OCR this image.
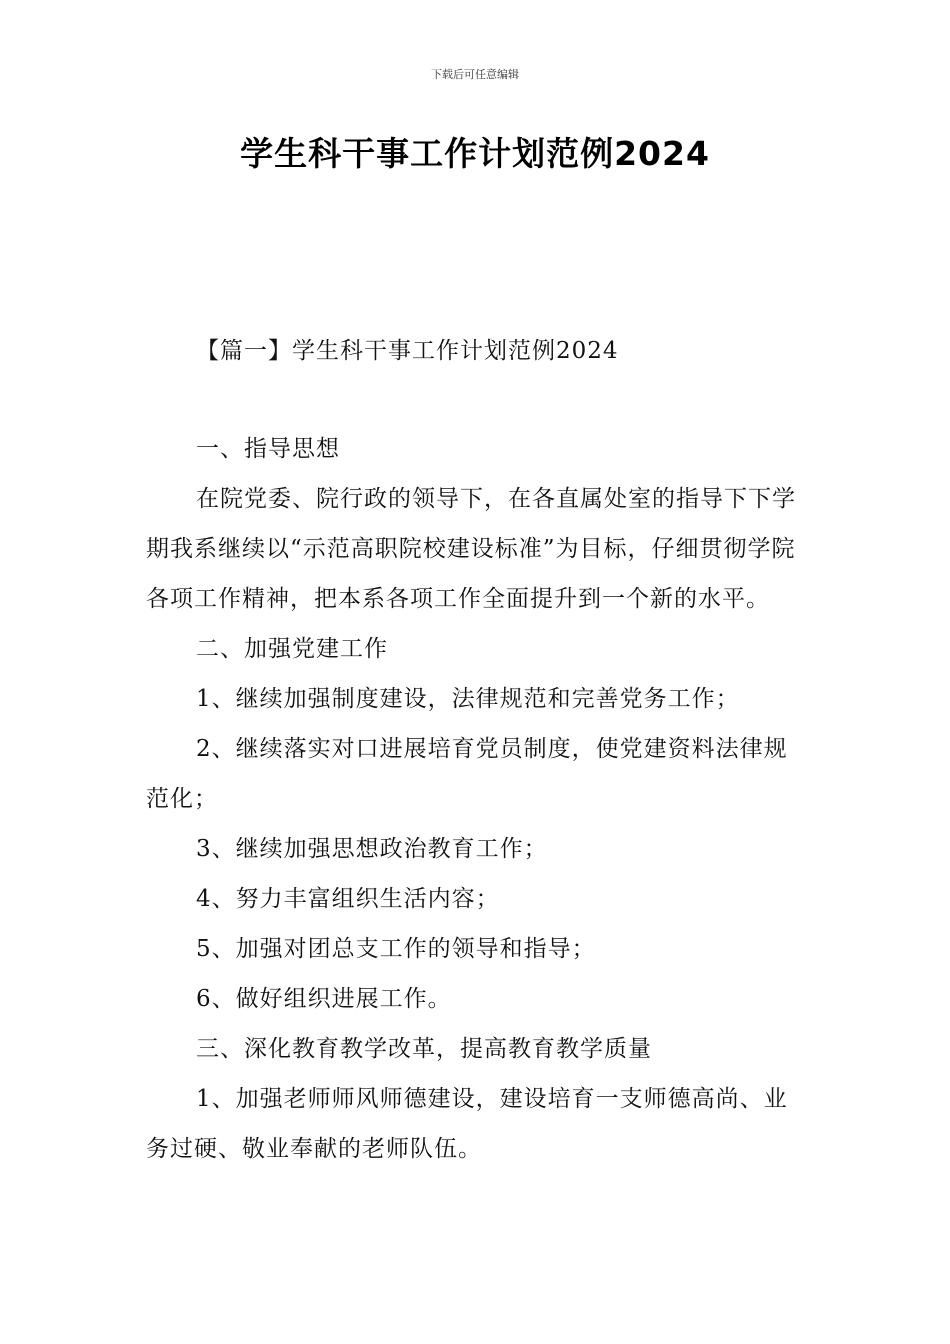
下载后可任意编辑
学生科干事工作计划范例2024
【篇一】学生科干事工作计划范例2024

一、指导思想

在院党委、院行政的领导下，在各直属处室的指导下下学期我系继续以“示范高职院校建设标准”为目标，仔细贯彻学院各项工作精神，把本系各项工作全面提升到一个新的水平。

二、加强党建工作

1、继续加强制度建设，法律规范和完善党务工作；

2、继续落实对口进展培育党员制度，使党建资料法律规范化；

3、继续加强思想政治教育工作；

4、努力丰富组织生活内容；

5、加强对团总支工作的领导和指导；

6、做好组织进展工作。

三、深化教育教学改革，提高教育教学质量

1、加强老师师风师德建设，建设培育一支师德高尚、业务过硬、敬业奉献的老师队伍。
